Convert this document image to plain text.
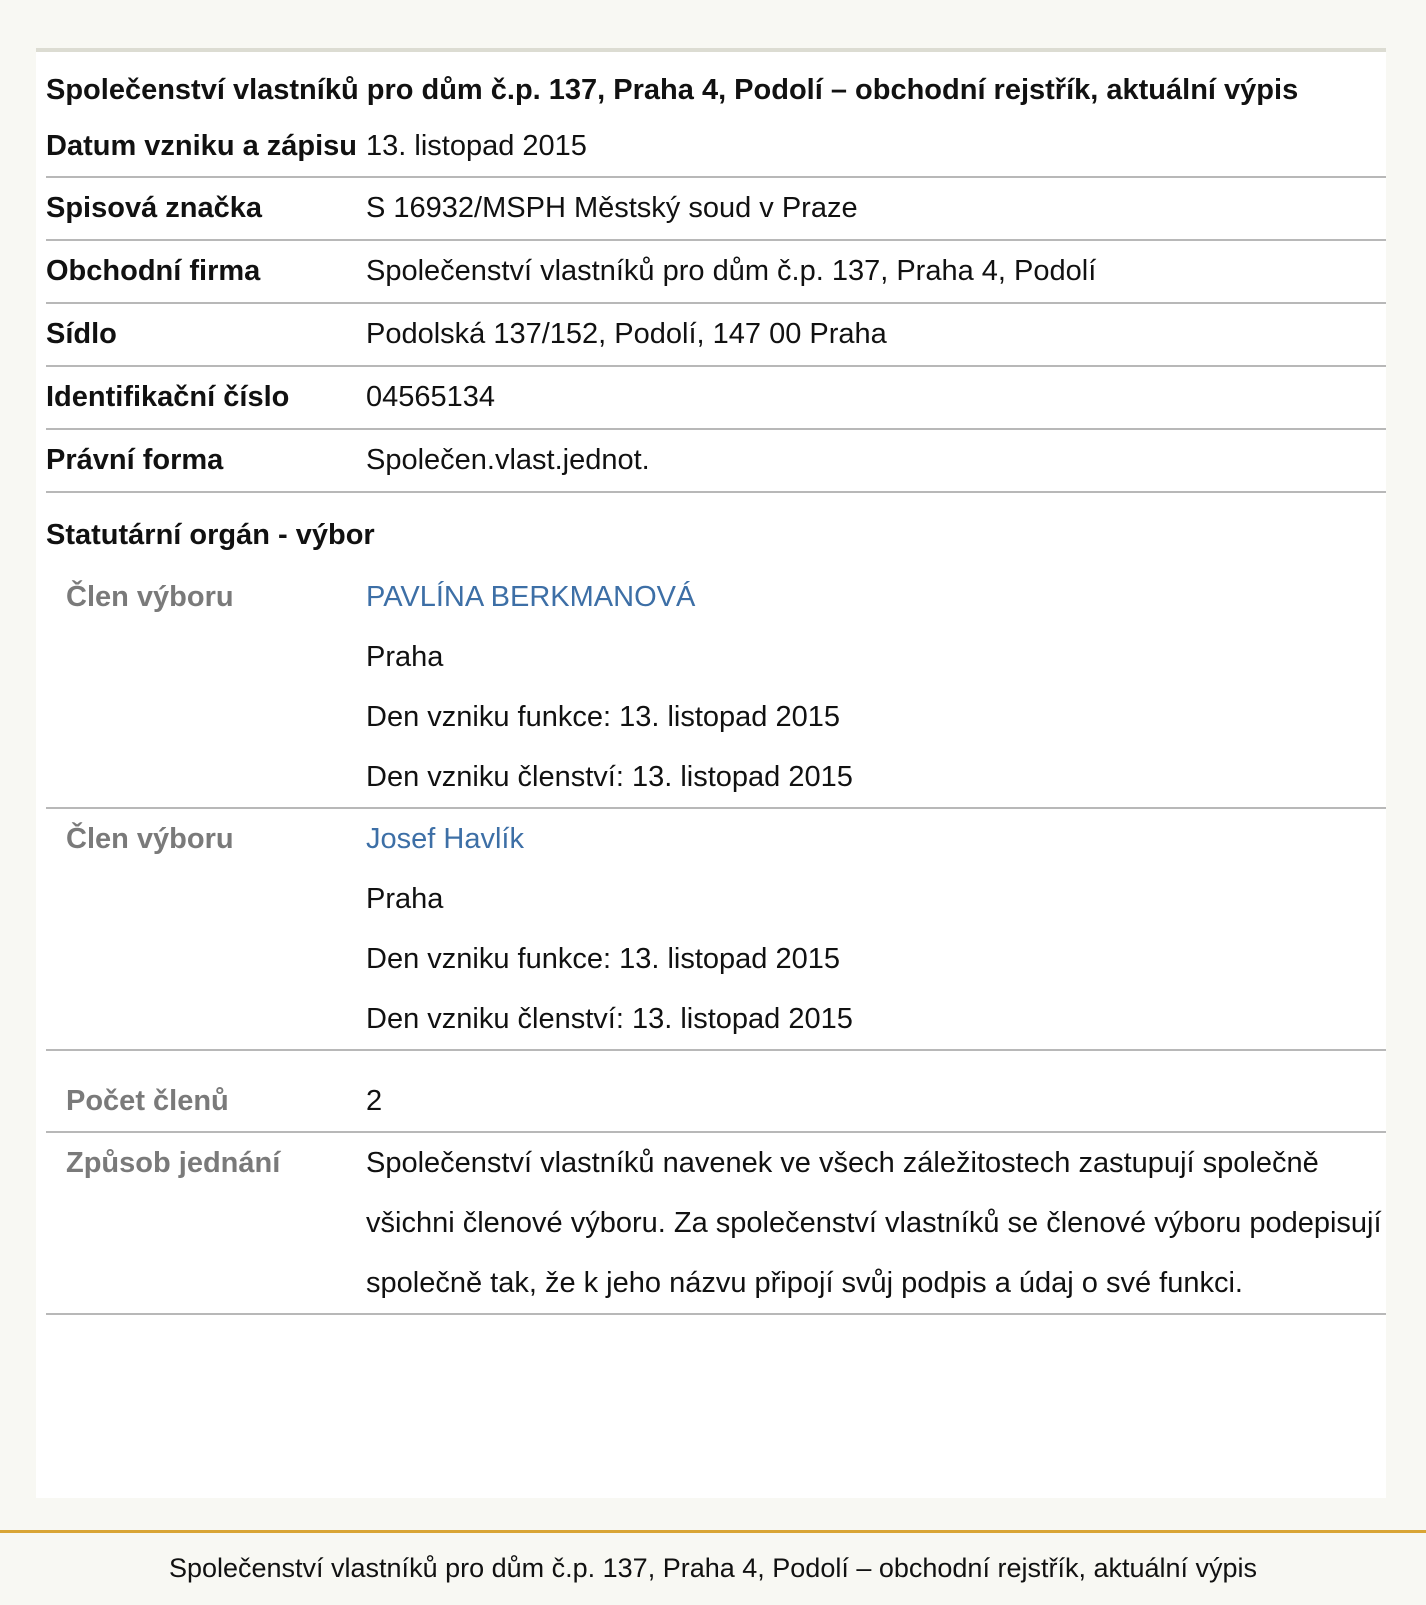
Společenství vlastníků pro dům č.p. 137, Praha 4, Podolí – obchodní rejstřík, aktuální výpis
Datum vzniku a zápisu	13. listopad 2015
Spisová značka	S 16932/MSPH Městský soud v Praze
Obchodní firma	Společenství vlastníků pro dům č.p. 137, Praha 4, Podolí
Sídlo	Podolská 137/152, Podolí, 147 00 Praha
Identifikační číslo	04565134
Právní forma	Společen.vlast.jednot.
Statutární orgán - výbor
Člen výboru	PAVLÍNA BERKMANOVÁ
Praha
Den vzniku funkce: 13. listopad 2015
Den vzniku členství: 13. listopad 2015

Člen výboru	Josef Havlík
Praha
Den vzniku funkce: 13. listopad 2015
Den vzniku členství: 13. listopad 2015

Počet členů	2
Způsob jednání	Společenství vlastníků navenek ve všech záležitostech zastupují společně všichni členové výboru. Za společenství vlastníků se členové výboru podepisují společně tak, že k jeho názvu připojí svůj podpis a údaj o své funkci.
Společenství vlastníků pro dům č.p. 137, Praha 4, Podolí – obchodní rejstřík, aktuální výpis
